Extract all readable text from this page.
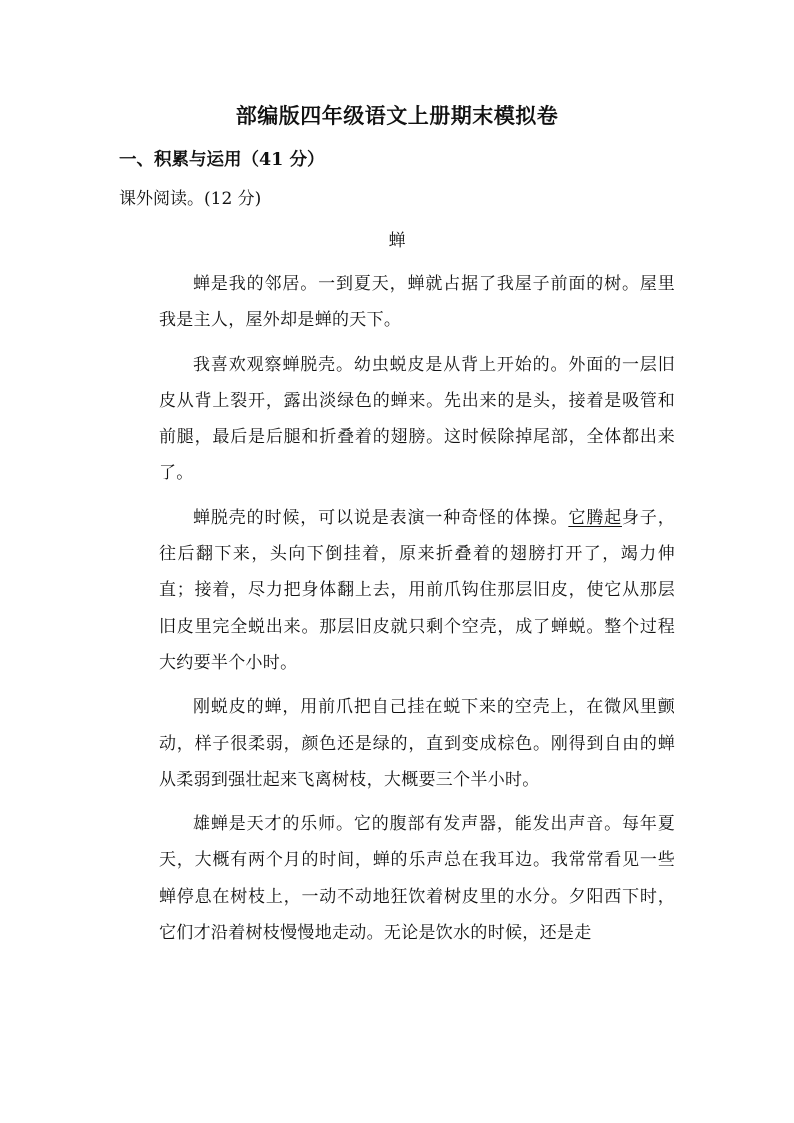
部编版四年级语文上册期末模拟卷
一、积累与运用（41 分）
课外阅读。(12 分)
蝉

蝉是我的邻居。一到夏天，蝉就占据了我屋子前面的树。屋里我是主人，屋外却是蝉的天下。

我喜欢观察蝉脱壳。幼虫蜕皮是从背上开始的。外面的一层旧皮从背上裂开，露出淡绿色的蝉来。先出来的是头，接着是吸管和前腿，最后是后腿和折叠着的翅膀。这时候除掉尾部，全体都出来了。

蝉脱壳的时候，可以说是表演一种奇怪的体操。它腾起身子，往后翻下来，头向下倒挂着，原来折叠着的翅膀打开了，竭力伸直；接着，尽力把身体翻上去，用前爪钩住那层旧皮，使它从那层旧皮里完全蜕出来。那层旧皮就只剩个空壳，成了蝉蜕。整个过程大约要半个小时。

刚蜕皮的蝉，用前爪把自己挂在蜕下来的空壳上，在微风里颤动，样子很柔弱，颜色还是绿的，直到变成棕色。刚得到自由的蝉从柔弱到强壮起来飞离树枝，大概要三个半小时。

雄蝉是天才的乐师。它的腹部有发声器，能发出声音。每年夏天，大概有两个月的时间，蝉的乐声总在我耳边。我常常看见一些蝉停息在树枝上，一动不动地狂饮着树皮里的水分。夕阳西下时，它们才沿着树枝慢慢地走动。无论是饮水的时候，还是走
